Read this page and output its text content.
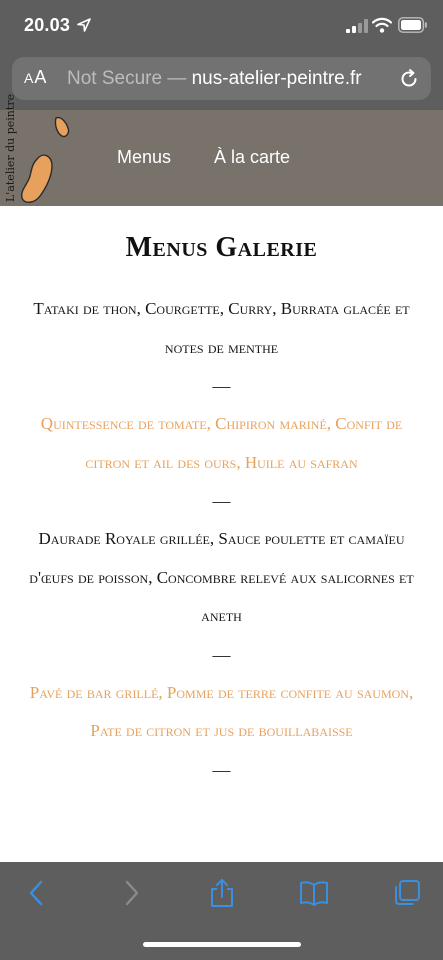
20.03
A A Not Secure — nus-atelier-peintre.fr
L'atelier du peintre	Menus À la carte
Menus Galerie

Tataki de thon, Courgette, Curry, Burrata glacée et notes de menthe

—

Quintessence de tomate, Chipiron mariné, Confit de citron et ail des ours, Huile au safran

—

Daurade Royale grillée, Sauce poulette et camaïeu d'œufs de poisson, Concombre relevé aux salicornes et aneth

—

Pavé de bar grillé, Pomme de terre confite au saumon, Pate de citron et jus de bouillabaisse

—
